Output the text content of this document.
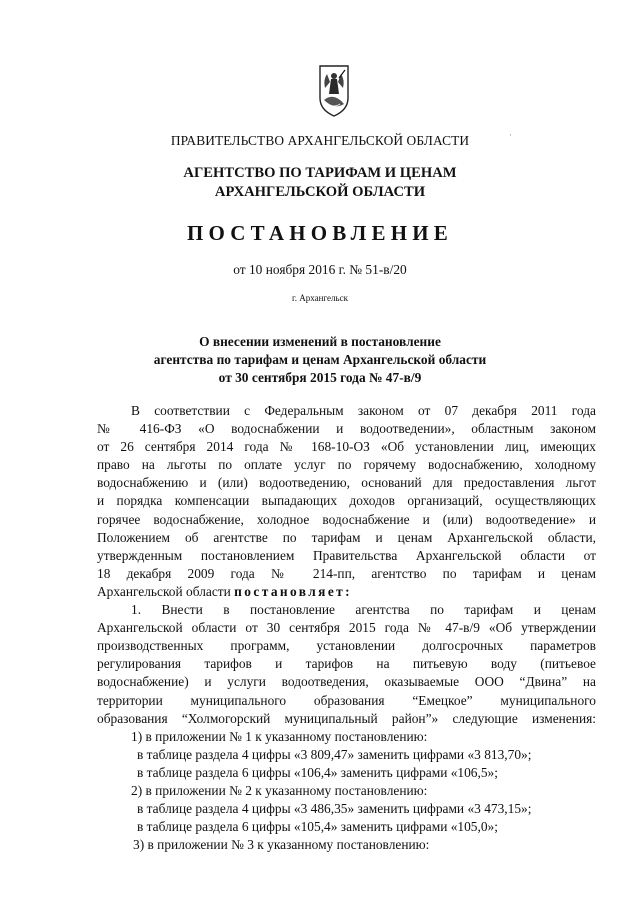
ПРАВИТЕЛЬСТВО АРХАНГЕЛЬСКОЙ ОБЛАСТИ	·
АГЕНТСТВО ПО ТАРИФАМ И ЦЕНАМ
АРХАНГЕЛЬСКОЙ ОБЛАСТИ
ПОСТАНОВЛЕНИЕ
от 10 ноября 2016 г. № 51-в/20
г. Архангельск
О внесении изменений в постановление
агентства по тарифам и ценам Архангельской области
от 30 сентября 2015 года № 47-в/9
В соответствии с Федеральным законом от 07 декабря 2011 года
№ 416-ФЗ «О водоснабжении и водоотведении», областным законом
от 26 сентября 2014 года № 168-10-ОЗ «Об установлении лиц, имеющих
право на льготы по оплате услуг по горячему водоснабжению, холодному
водоснабжению и (или) водоотведению, оснований для предоставления льгот
и порядка компенсации выпадающих доходов организаций, осуществляющих
горячее водоснабжение, холодное водоснабжение и (или) водоотведение» и
Положением об агентстве по тарифам и ценам Архангельской области,
утвержденным постановлением Правительства Архангельской области от
18 декабря 2009 года № 214-пп, агентство по тарифам и ценам
Архангельской области постановляет:
1. Внести в постановление агентства по тарифам и ценам
Архангельской области от 30 сентября 2015 года № 47-в/9 «Об утверждении
производственных программ, установлении долгосрочных параметров
регулирования тарифов и тарифов на питьевую воду (питьевое
водоснабжение) и услуги водоотведения, оказываемые ООО “Двина” на
территории муниципального образования “Емецкое” муниципального
образования “Холмогорский муниципальный район”» следующие изменения:
1) в приложении № 1 к указанному постановлению:
в таблице раздела 4 цифры «3 809,47» заменить цифрами «3 813,70»;
в таблице раздела 6 цифры «106,4» заменить цифрами «106,5»;
2) в приложении № 2 к указанному постановлению:
в таблице раздела 4 цифры «3 486,35» заменить цифрами «3 473,15»;
в таблице раздела 6 цифры «105,4» заменить цифрами «105,0»;
3) в приложении № 3 к указанному постановлению:
